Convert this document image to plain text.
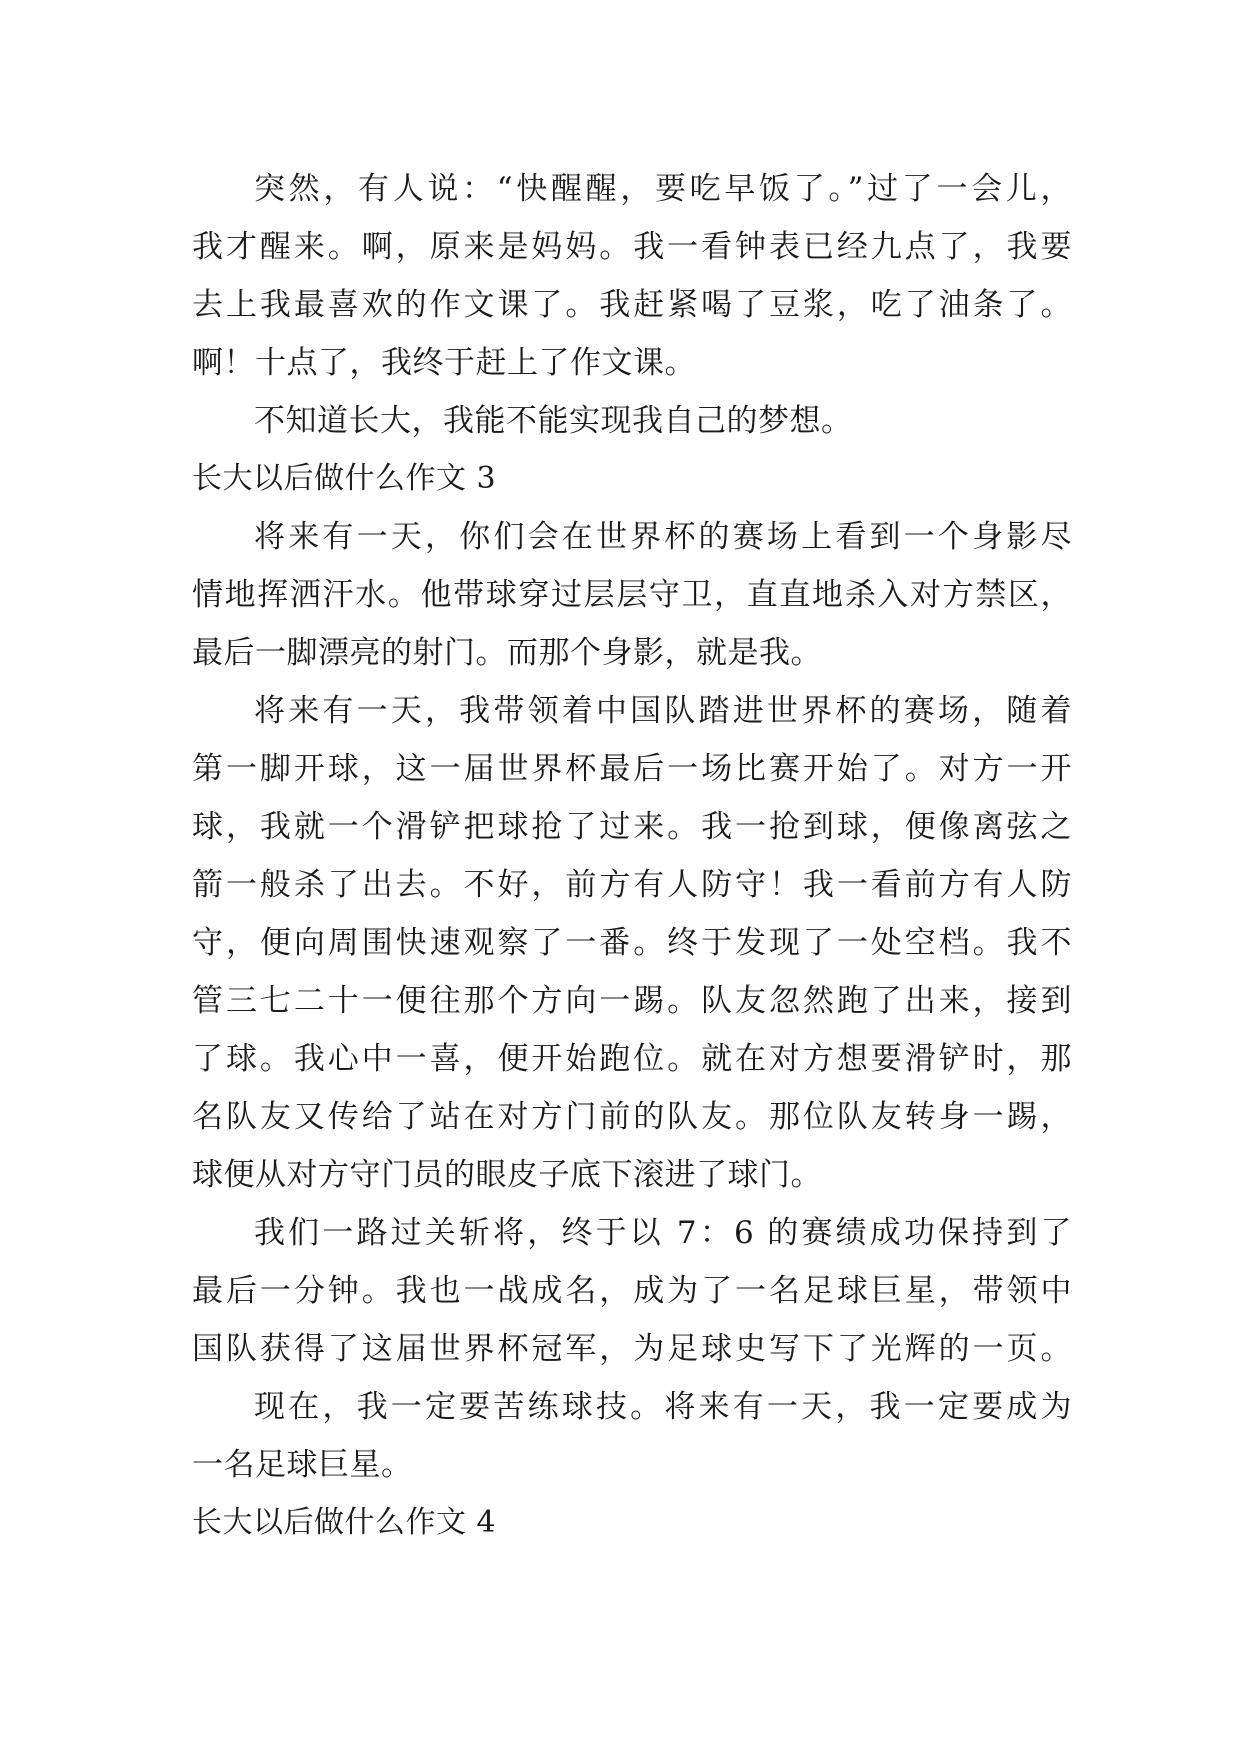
突然，有人说：“快醒醒，要吃早饭了。”过了一会儿，
我才醒来。啊，原来是妈妈。我一看钟表已经九点了，我要
去上我最喜欢的作文课了。我赶紧喝了豆浆，吃了油条了。
啊！十点了，我终于赶上了作文课。
不知道长大，我能不能实现我自己的梦想。
长大以后做什么作文 3
将来有一天，你们会在世界杯的赛场上看到一个身影尽
情地挥洒汗水。他带球穿过层层守卫，直直地杀入对方禁区，
最后一脚漂亮的射门。而那个身影，就是我。
将来有一天，我带领着中国队踏进世界杯的赛场，随着
第一脚开球，这一届世界杯最后一场比赛开始了。对方一开
球，我就一个滑铲把球抢了过来。我一抢到球，便像离弦之
箭一般杀了出去。不好，前方有人防守！我一看前方有人防
守，便向周围快速观察了一番。终于发现了一处空档。我不
管三七二十一便往那个方向一踢。队友忽然跑了出来，接到
了球。我心中一喜，便开始跑位。就在对方想要滑铲时，那
名队友又传给了站在对方门前的队友。那位队友转身一踢，
球便从对方守门员的眼皮子底下滚进了球门。
我们一路过关斩将，终于以 7：6 的赛绩成功保持到了
最后一分钟。我也一战成名，成为了一名足球巨星，带领中
国队获得了这届世界杯冠军，为足球史写下了光辉的一页。
现在，我一定要苦练球技。将来有一天，我一定要成为
一名足球巨星。
长大以后做什么作文 4
